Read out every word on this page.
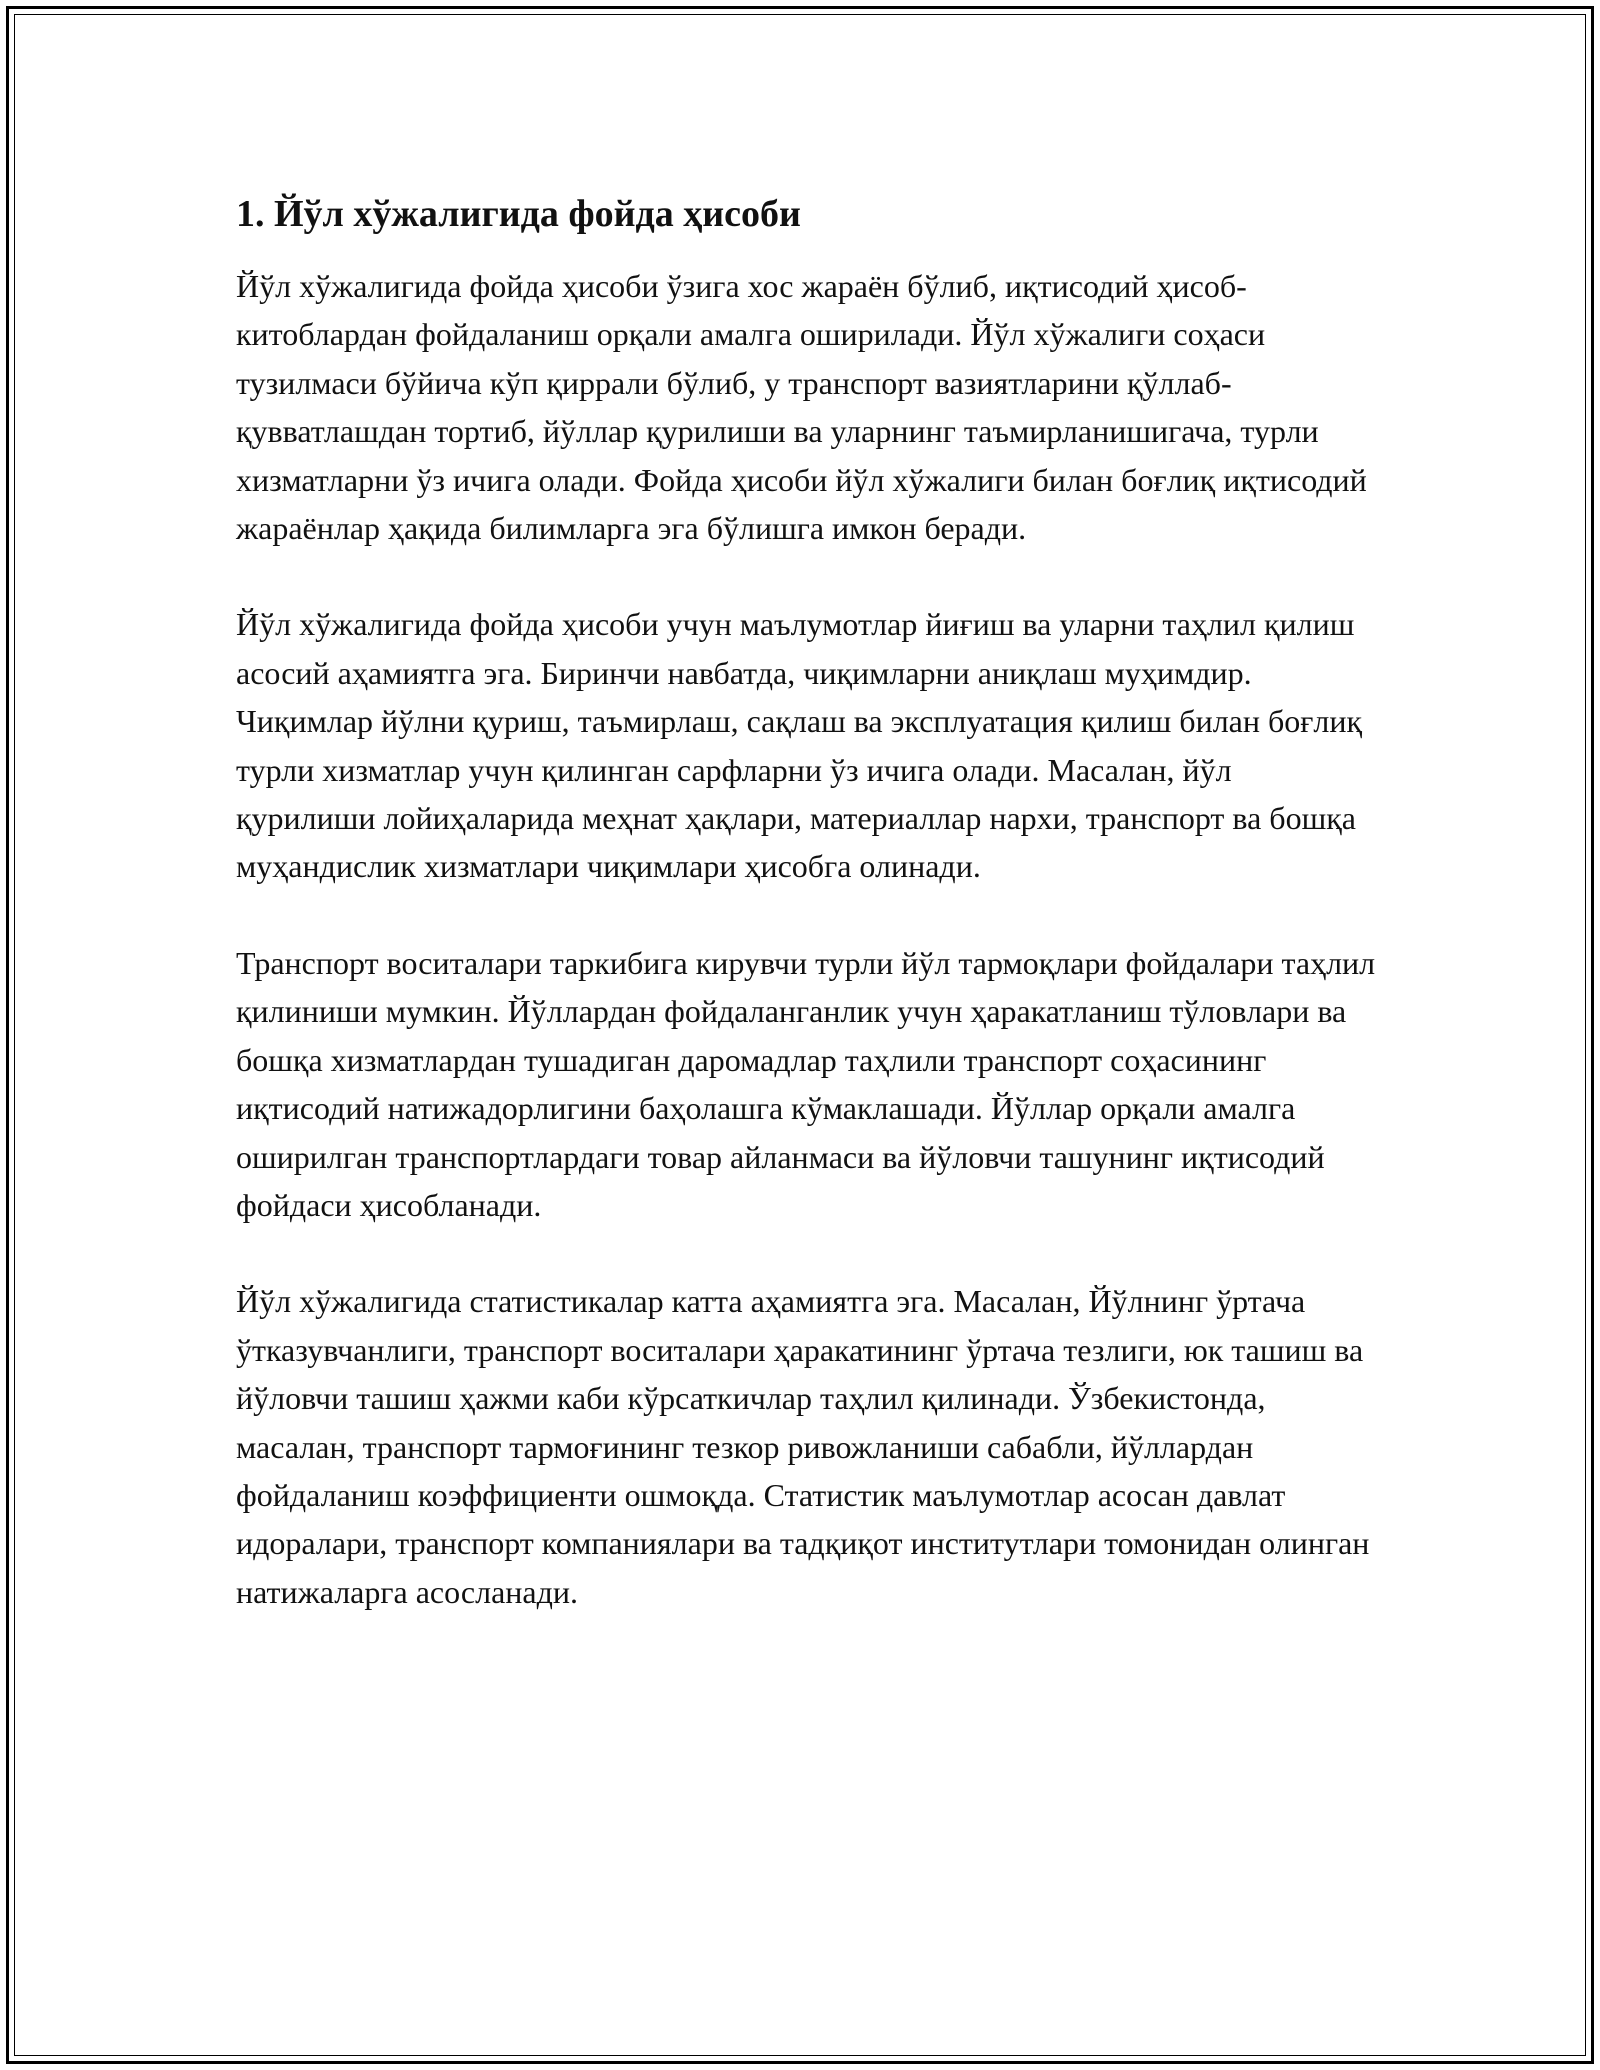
1. Йўл хўжалигида фойда ҳисоби

Йўл хўжалигида фойда ҳисоби ўзига хос жараён бўлиб, иқтисодий ҳисоб-китоблардан фойдаланиш орқали амалга оширилади. Йўл хўжалиги соҳаси тузилмаси бўйича кўп қиррали бўлиб, у транспорт вазиятларини қўллаб-қувватлашдан тортиб, йўллар қурилиши ва уларнинг таъмирланишигача, турли хизматларни ўз ичига олади. Фойда ҳисоби йўл хўжалиги билан боғлиқ иқтисодий жараёнлар ҳақида билимларга эга бўлишга имкон беради.

Йўл хўжалигида фойда ҳисоби учун маълумотлар йиғиш ва уларни таҳлил қилиш асосий аҳамиятга эга. Биринчи навбатда, чиқимларни аниқлаш муҳимдир. Чиқимлар йўлни қуриш, таъмирлаш, сақлаш ва эксплуатация қилиш билан боғлиқ турли хизматлар учун қилинган сарфларни ўз ичига олади. Масалан, йўл қурилиши лойиҳаларида меҳнат ҳақлари, материаллар нархи, транспорт ва бошқа муҳандислик хизматлари чиқимлари ҳисобга олинади.

Транспорт воситалари таркибига кирувчи турли йўл тармоқлари фойдалари таҳлил қилиниши мумкин. Йўллардан фойдаланганлик учун ҳаракатланиш тўловлари ва бошқа хизматлардан тушадиган даромадлар таҳлили транспорт соҳасининг иқтисодий натижадорлигини баҳолашга кўмаклашади. Йўллар орқали амалга оширилган транспортлардаги товар айланмаси ва йўловчи ташунинг иқтисодий фойдаси ҳисобланади.

Йўл хўжалигида статистикалар катта аҳамиятга эга. Масалан, Йўлнинг ўртача ўтказувчанлиги, транспорт воситалари ҳаракатининг ўртача тезлиги, юк ташиш ва йўловчи ташиш ҳажми каби кўрсаткичлар таҳлил қилинади. Ўзбекистонда, масалан, транспорт тармоғининг тезкор ривожланиши сабабли, йўллардан фойдаланиш коэффициенти ошмоқда. Статистик маълумотлар асосан давлат идоралари, транспорт компаниялари ва тадқиқот институтлари томонидан олинган натижаларга асосланади.
